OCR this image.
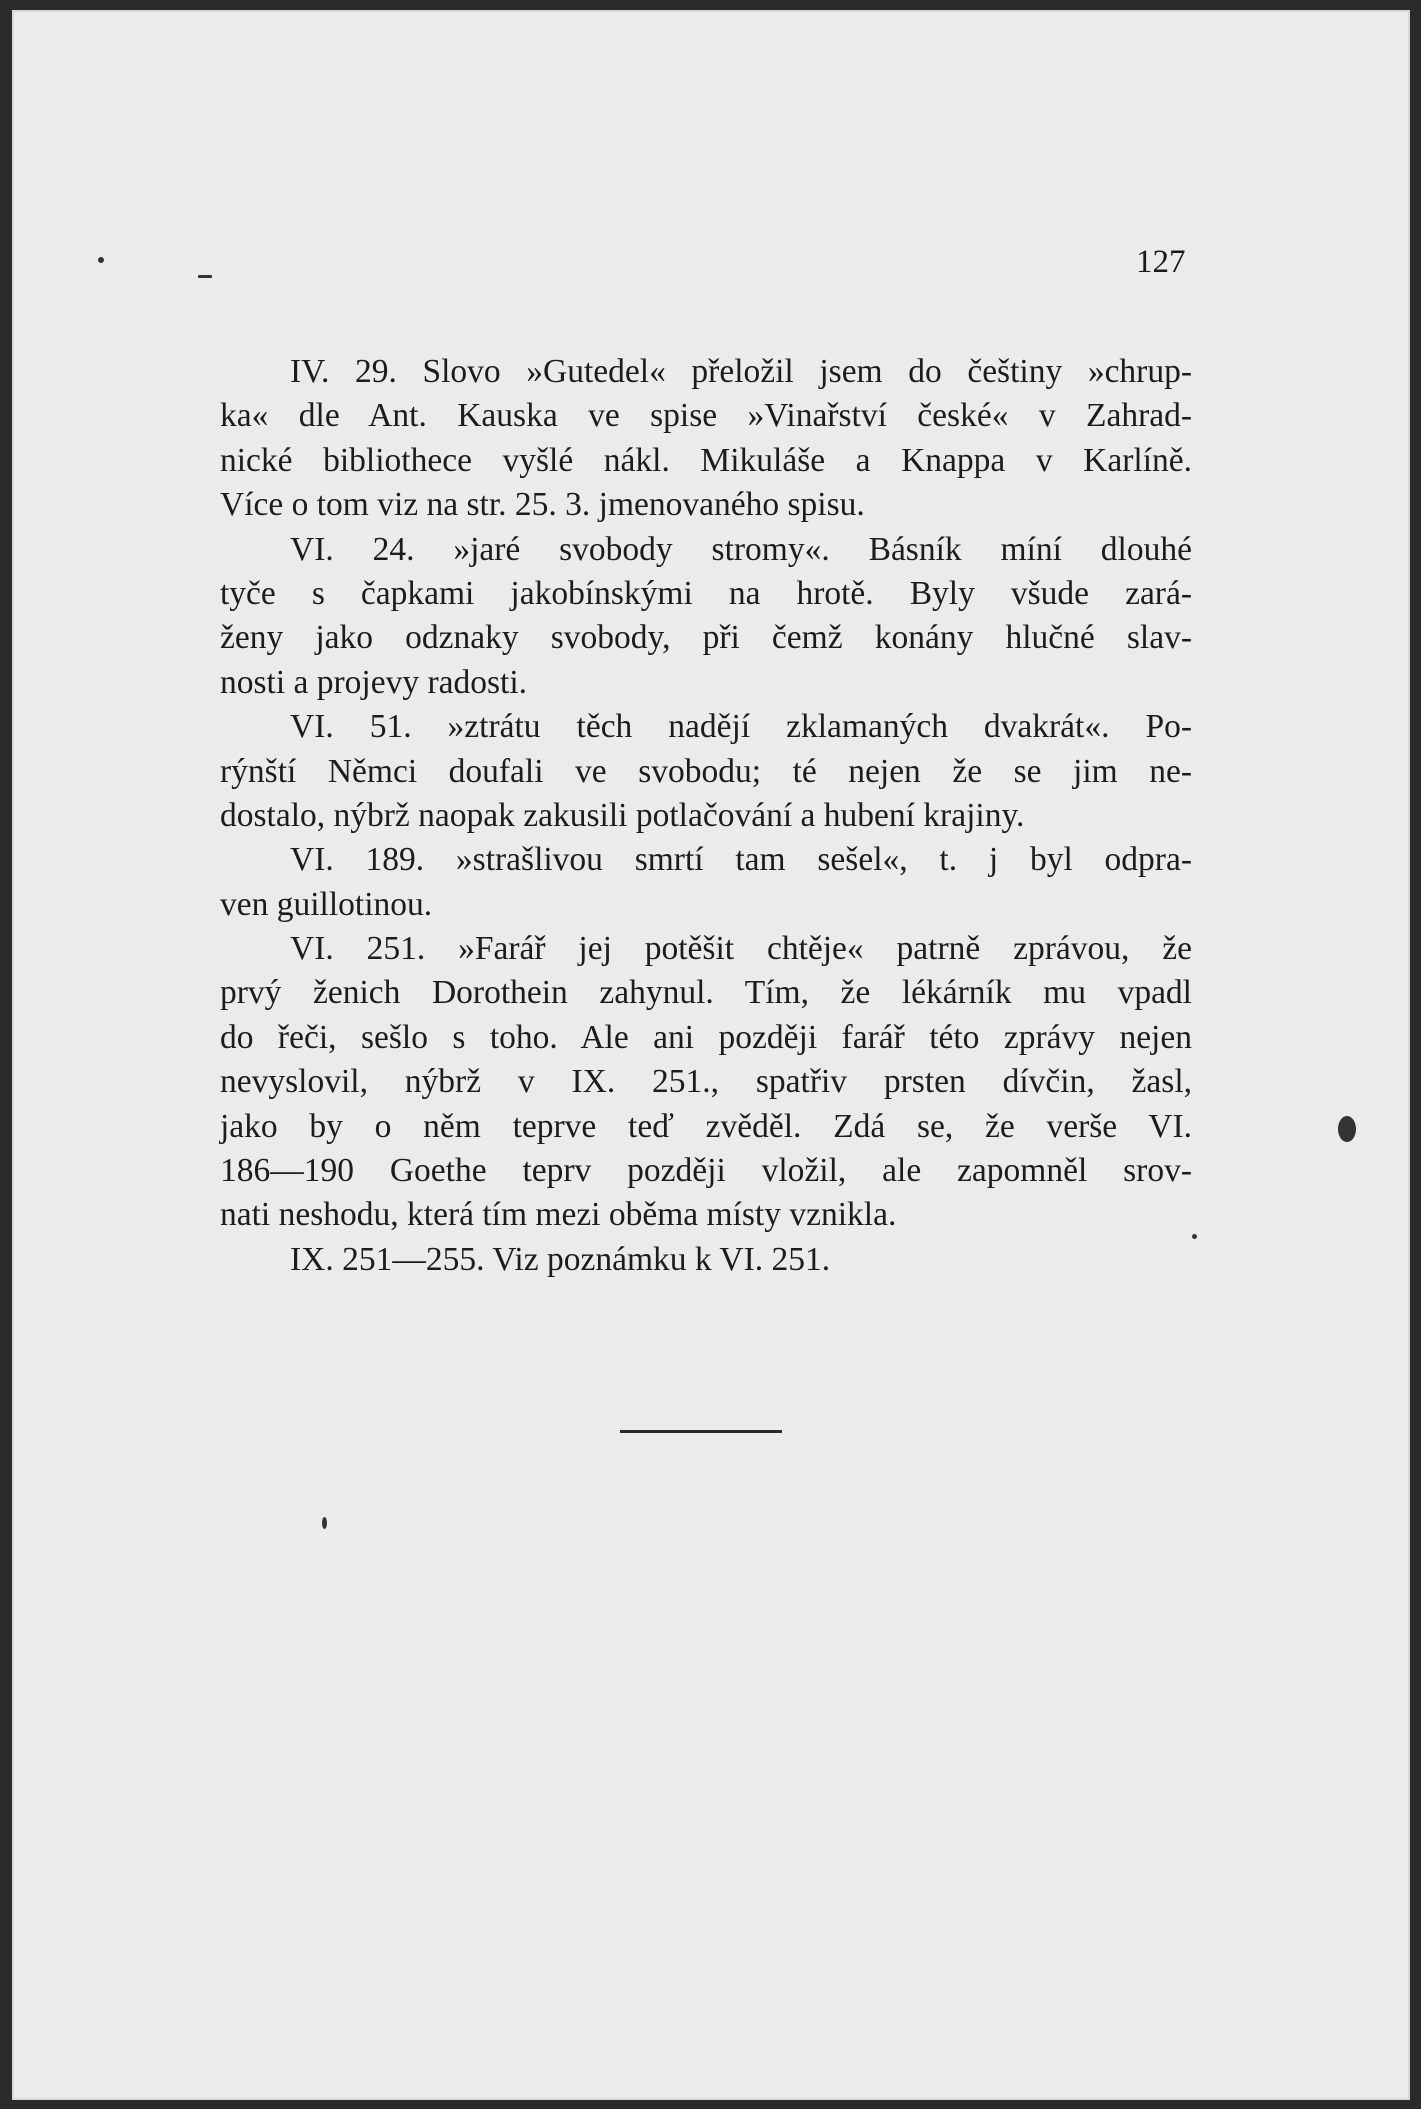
127
IV. 29. Slovo »Gutedel« přeložil jsem do češtiny »chrup-
ka« dle Ant. Kauska ve spise »Vinařství české« v Zahrad-
nické bibliothece vyšlé nákl. Mikuláše a Knappa v Karlíně.
Více o tom viz na str. 25. 3. jmenovaného spisu.
VI. 24. »jaré svobody stromy«. Básník míní dlouhé
tyče s čapkami jakobínskými na hrotě. Byly všude zará-
ženy jako odznaky svobody, při čemž konány hlučné slav-
nosti a projevy radosti.
VI. 51. »ztrátu těch nadějí zklamaných dvakrát«. Po-
rýnští Němci doufali ve svobodu; té nejen že se jim ne-
dostalo, nýbrž naopak zakusili potlačování a hubení krajiny.
VI. 189. »strašlivou smrtí tam sešel«, t. j byl odpra-
ven guillotinou.
VI. 251. »Farář jej potěšit chtěje« patrně zprávou, že
prvý ženich Dorothein zahynul. Tím, že lékárník mu vpadl
do řeči, sešlo s toho. Ale ani později farář této zprávy nejen
nevyslovil, nýbrž v IX. 251., spatřiv prsten dívčin, žasl,
jako by o něm teprve teď zvěděl. Zdá se, že verše VI.
186—190 Goethe teprv později vložil, ale zapomněl srov-
nati neshodu, která tím mezi oběma místy vznikla.
IX. 251—255. Viz poznámku k VI. 251.
